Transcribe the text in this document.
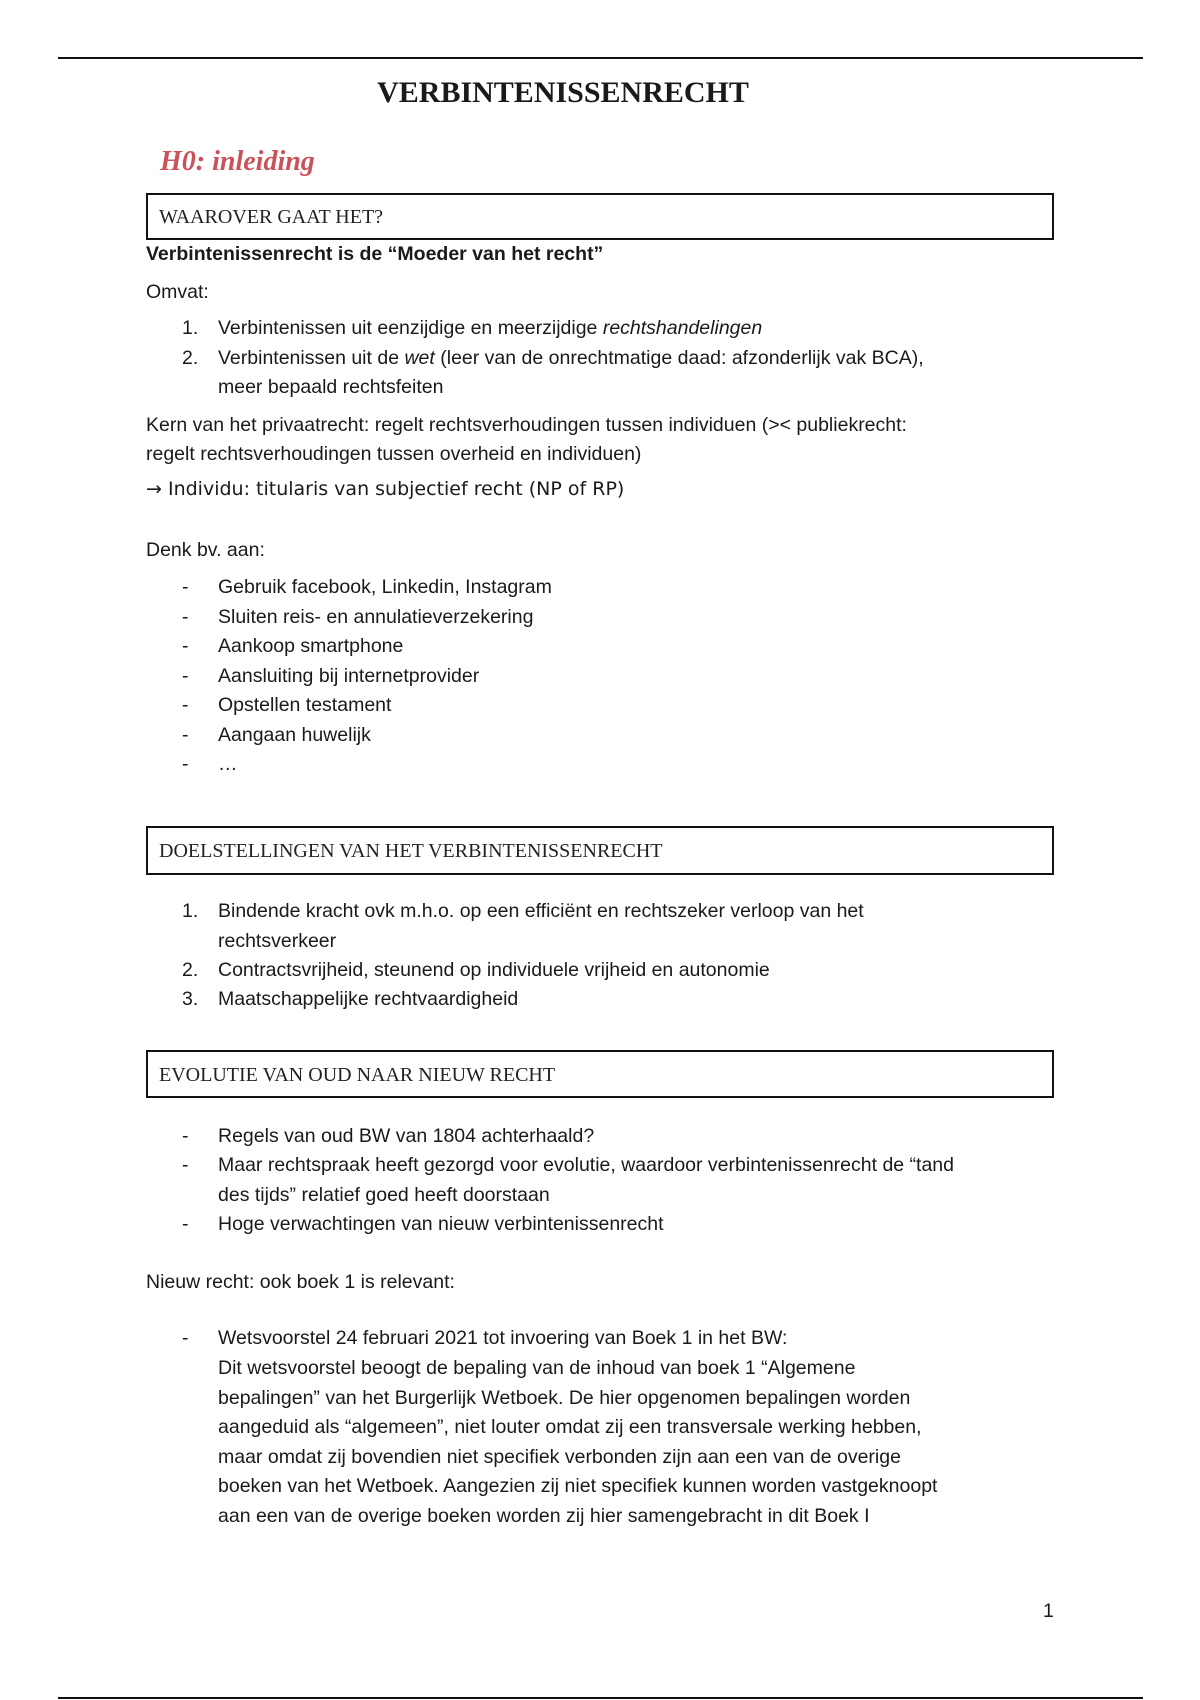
VERBINTENISSENRECHT
H0: inleiding
WAAROVER GAAT HET?
Verbintenissenrecht is de “Moeder van het recht”
Omvat:
1. Verbintenissen uit eenzijdige en meerzijdige rechtshandelingen
2. Verbintenissen uit de wet (leer van de onrechtmatige daad: afzonderlijk vak BCA),
meer bepaald rechtsfeiten
Kern van het privaatrecht: regelt rechtsverhoudingen tussen individuen (>< publiekrecht:
regelt rechtsverhoudingen tussen overheid en individuen)
→ Individu: titularis van subjectief recht (NP of RP)
Denk bv. aan:
- Gebruik facebook, Linkedin, Instagram
- Sluiten reis- en annulatieverzekering
- Aankoop smartphone
- Aansluiting bij internetprovider
- Opstellen testament
- Aangaan huwelijk
- …
DOELSTELLINGEN VAN HET VERBINTENISSENRECHT
1. Bindende kracht ovk m.h.o. op een efficiënt en rechtszeker verloop van het
rechtsverkeer
2. Contractsvrijheid, steunend op individuele vrijheid en autonomie
3. Maatschappelijke rechtvaardigheid
EVOLUTIE VAN OUD NAAR NIEUW RECHT
- Regels van oud BW van 1804 achterhaald?
- Maar rechtspraak heeft gezorgd voor evolutie, waardoor verbintenissenrecht de “tand
des tijds” relatief goed heeft doorstaan
- Hoge verwachtingen van nieuw verbintenissenrecht
Nieuw recht: ook boek 1 is relevant:
- Wetsvoorstel 24 februari 2021 tot invoering van Boek 1 in het BW:
Dit wetsvoorstel beoogt de bepaling van de inhoud van boek 1 “Algemene
bepalingen” van het Burgerlijk Wetboek. De hier opgenomen bepalingen worden
aangeduid als “algemeen”, niet louter omdat zij een transversale werking hebben,
maar omdat zij bovendien niet specifiek verbonden zijn aan een van de overige
boeken van het Wetboek. Aangezien zij niet specifiek kunnen worden vastgeknoopt
aan een van de overige boeken worden zij hier samengebracht in dit Boek I
1
